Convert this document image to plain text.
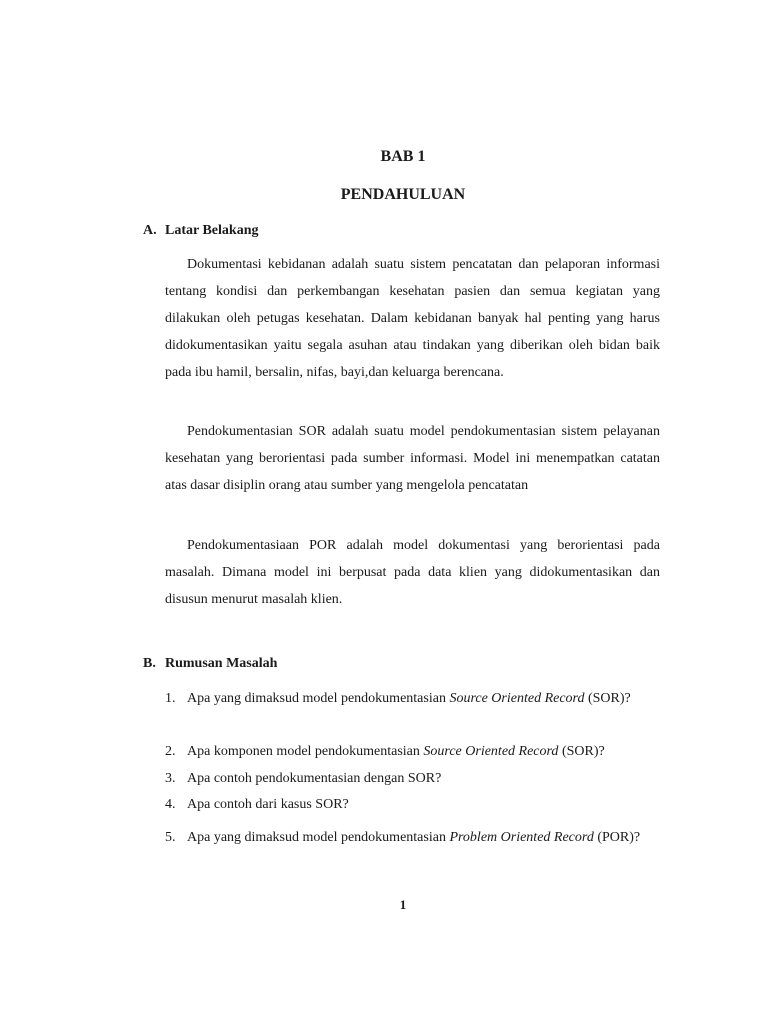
BAB 1
PENDAHULUAN
A. Latar Belakang

Dokumentasi kebidanan adalah suatu sistem pencatatan dan pelaporan informasi tentang kondisi dan perkembangan kesehatan pasien dan semua kegiatan yang dilakukan oleh petugas kesehatan. Dalam kebidanan banyak hal penting yang harus didokumentasikan yaitu segala asuhan atau tindakan yang diberikan oleh bidan baik pada ibu hamil, bersalin, nifas, bayi,dan keluarga berencana.

Pendokumentasian SOR adalah suatu model pendokumentasian sistem pelayanan kesehatan yang berorientasi pada sumber informasi. Model ini menempatkan catatan atas dasar disiplin orang atau sumber yang mengelola pencatatan

Pendokumentasiaan POR adalah model dokumentasi yang berorientasi pada masalah. Dimana model ini berpusat pada data klien yang didokumentasikan dan disusun menurut masalah klien.

B. Rumusan Masalah
1. Apa yang dimaksud model pendokumentasian Source Oriented Record (SOR)?
2. Apa komponen model pendokumentasian Source Oriented Record (SOR)?
3. Apa contoh pendokumentasian dengan SOR?
4. Apa contoh dari kasus SOR?
5. Apa yang dimaksud model pendokumentasian Problem Oriented Record (POR)?
1
